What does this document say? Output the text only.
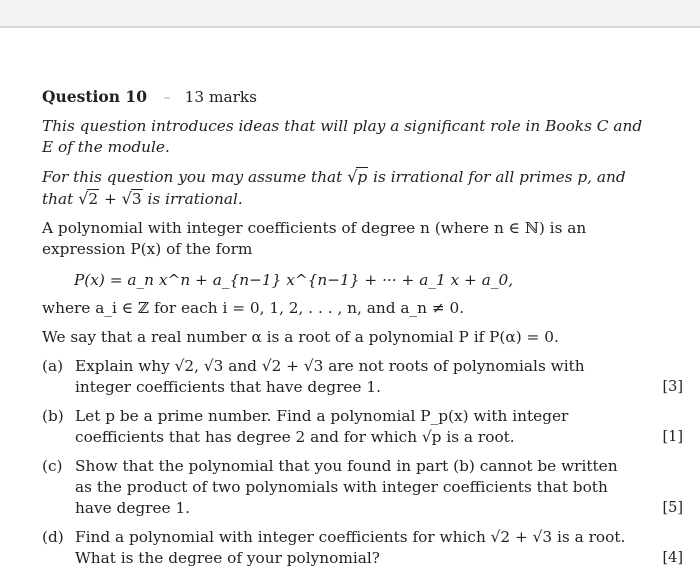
Question 10 – 13 marks
This question introduces ideas that will play a significant role in Books C and E of the module.
For this question you may assume that √p is irrational for all primes p, and that √2 + √3 is irrational.
A polynomial with integer coefficients of degree n (where n ∈ ℕ) is an expression P(x) of the form
P(x) = a_n x^n + a_{n−1} x^{n−1} + ··· + a_1 x + a_0,
where a_i ∈ ℤ for each i = 0, 1, 2, . . . , n, and a_n ≠ 0.
We say that a real number α is a root of a polynomial P if P(α) = 0.
(a) Explain why √2, √3 and √2 + √3 are not roots of polynomials with integer coefficients that have degree 1.	[3]
(b) Let p be a prime number. Find a polynomial P_p(x) with integer coefficients that has degree 2 and for which √p is a root.	[1]
(c) Show that the polynomial that you found in part (b) cannot be written as the product of two polynomials with integer coefficients that both have degree 1.	[5]
(d) Find a polynomial with integer coefficients for which √2 + √3 is a root. What is the degree of your polynomial?	[4]
